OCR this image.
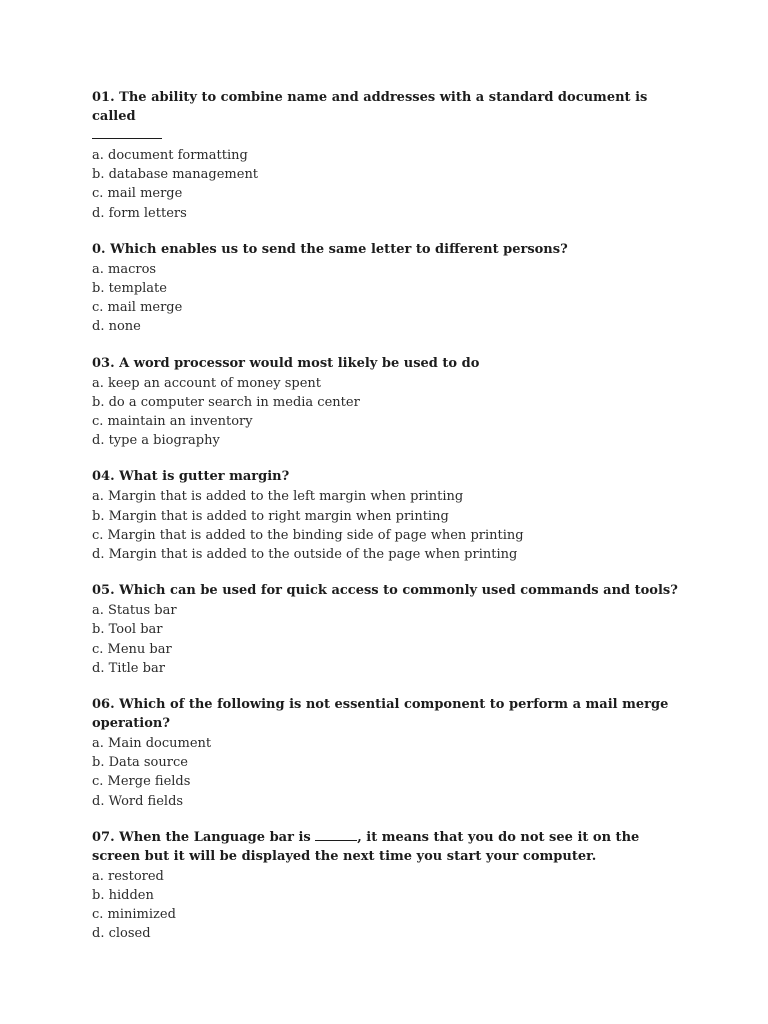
01. The ability to combine name and addresses with a standard document is called

a. document formatting
b. database management
c. mail merge
d. form letters

0. Which enables us to send the same letter to different persons?

a. macros
b. template
c. mail merge
d. none

03. A word processor would most likely be used to do

a. keep an account of money spent
b. do a computer search in media center
c. maintain an inventory
d. type a biography

04. What is gutter margin?

a. Margin that is added to the left margin when printing
b. Margin that is added to right margin when printing
c. Margin that is added to the binding side of page when printing
d. Margin that is added to the outside of the page when printing

05. Which can be used for quick access to commonly used commands and tools?

a. Status bar
b. Tool bar
c. Menu bar
d. Title bar

06. Which of the following is not essential component to perform a mail merge operation?

a. Main document
b. Data source
c. Merge fields
d. Word fields

07. When the Language bar is	, it means that you do not see it on the screen but it will be displayed the next time you start your computer.

a. restored
b. hidden
c. minimized
d. closed
